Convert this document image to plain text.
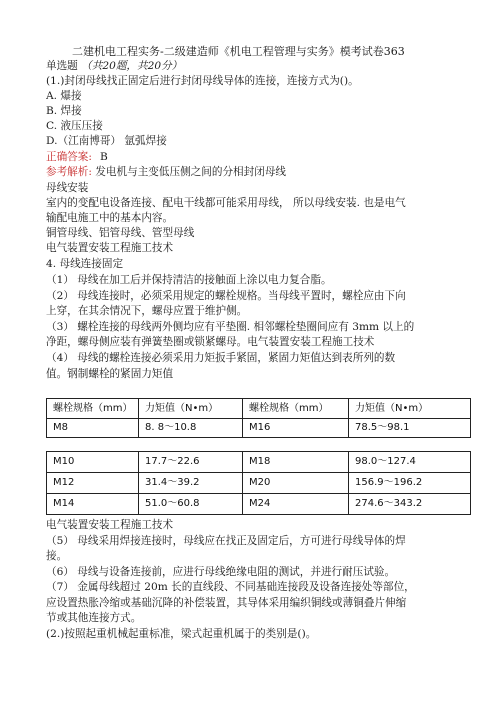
二建机电工程实务-二级建造师《机电工程管理与实务》模考试卷363
单选题 （共20题，共20分）
(1.)封闭母线找正固定后进行封闭母线导体的连接，连接方式为()。
A. 爆接
B. 焊接
C. 液压压接
D.（江南博哥） 氩弧焊接
正确答案: B
参考解析: 发电机与主变低压侧之间的分相封闭母线
母线安装
室内的变配电设备连接、配电干线都可能采用母线， 所以母线安装. 也是电气
输配电施工中的基本内容。
铜管母线、铝管母线、管型母线
电气装置安装工程施工技术
4. 母线连接固定
（1） 母线在加工后并保持清洁的接触面上涂以电力复合脂。
（2） 母线连接时，必须采用规定的螺栓规格。当母线平置时，螺栓应由下向
上穿，在其余情况下，螺母应置于维护侧。
（3） 螺栓连接的母线两外侧均应有平垫圈. 相邻螺栓垫圈间应有 3mm 以上的
净距，螺母侧应装有弹簧垫圈或锁紧螺母。电气装置安装工程施工技术
（4） 母线的螺栓连接必须采用力矩扳手紧固，紧固力矩值达到表所列的数
值。钢制螺栓的紧固力矩值
螺栓规格（mm）	力矩值（N•m）	螺栓规格（mm）	力矩值（N•m）
M8	8. 8～10.8	M16	78.5～98.1
M10	17.7～22.6	M18	98.0～127.4
M12	31.4～39.2	M20	156.9～196.2
M14	51.0～60.8	M24	274.6～343.2
电气装置安装工程施工技术
（5） 母线采用焊接连接时，母线应在找正及固定后，方可进行母线导体的焊
接。
（6） 母线与设备连接前，应进行母线绝缘电阻的测试，并进行耐压试验。
（7） 金属母线超过 20m 长的直线段、不同基础连接段及设备连接处等部位，
应设置热胀冷缩或基础沉降的补偿装置，其导体采用编织铜线或薄铜叠片伸缩
节或其他连接方式。
(2.)按照起重机械起重标准，梁式起重机属于的类别是()。
